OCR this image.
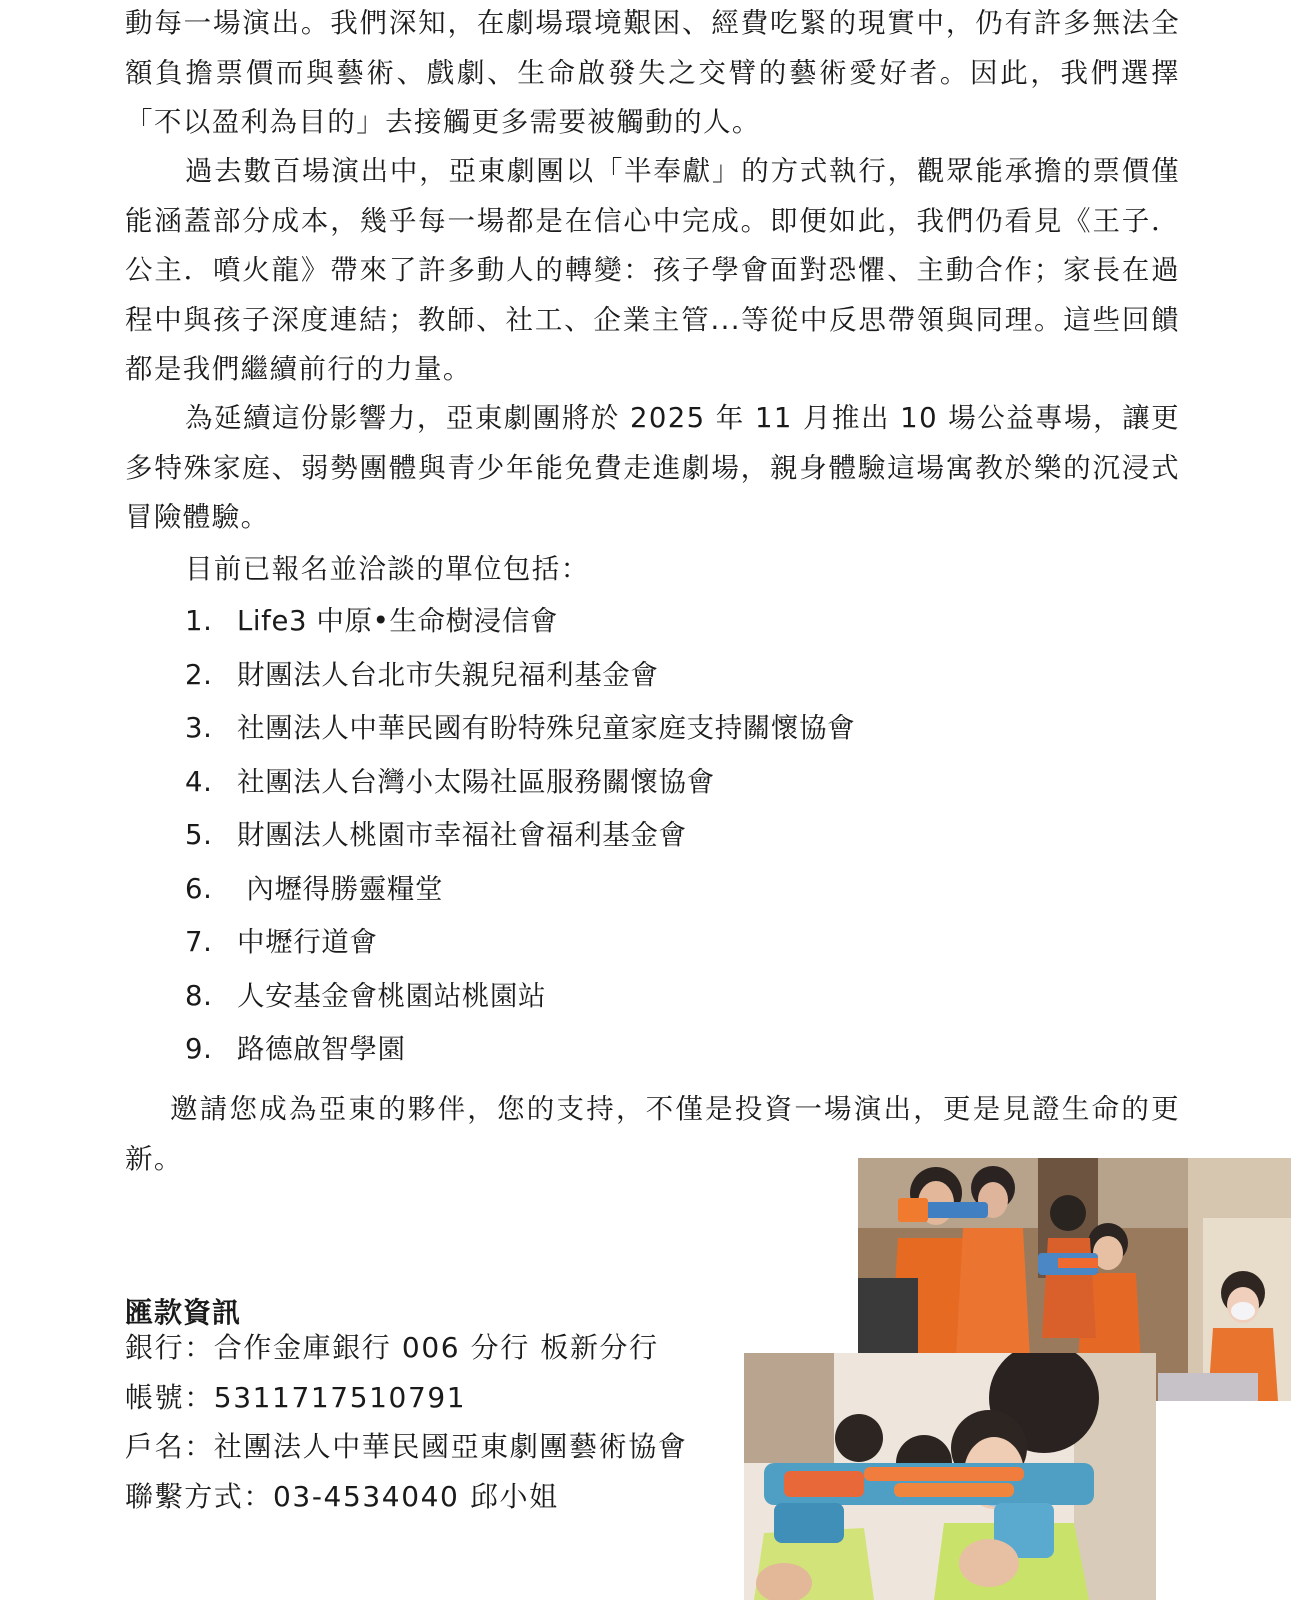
動每一場演出。我們深知，在劇場環境艱困、經費吃緊的現實中，仍有許多無法全額負擔票價而與藝術、戲劇、生命啟發失之交臂的藝術愛好者。因此，我們選擇「不以盈利為目的」去接觸更多需要被觸動的人。

過去數百場演出中，亞東劇團以「半奉獻」的方式執行，觀眾能承擔的票價僅能涵蓋部分成本，幾乎每一場都是在信心中完成。即便如此，我們仍看見《王子．公主．噴火龍》帶來了許多動人的轉變：孩子學會面對恐懼、主動合作；家長在過程中與孩子深度連結；教師、社工、企業主管...等從中反思帶領與同理。這些回饋都是我們繼續前行的力量。

為延續這份影響力，亞東劇團將於 2025 年 11 月推出 10 場公益專場，讓更多特殊家庭、弱勢團體與青少年能免費走進劇場，親身體驗這場寓教於樂的沉浸式冒險體驗。

目前已報名並洽談的單位包括：

1. Life3 中原•生命樹浸信會
2. 財團法人台北市失親兒福利基金會
3. 社團法人中華民國有盼特殊兒童家庭支持關懷協會
4. 社團法人台灣小太陽社區服務關懷協會
5. 財團法人桃園市幸福社會福利基金會
6. 內壢得勝靈糧堂
7. 中壢行道會
8. 人安基金會桃園站桃園站
9. 路德啟智學園

邀請您成為亞東的夥伴，您的支持，不僅是投資一場演出，更是見證生命的更新。

匯款資訊
銀行：合作金庫銀行 006 分行 板新分行
帳號：5311717510791
戶名：社團法人中華民國亞東劇團藝術協會
聯繫方式：03-4534040 邱小姐
